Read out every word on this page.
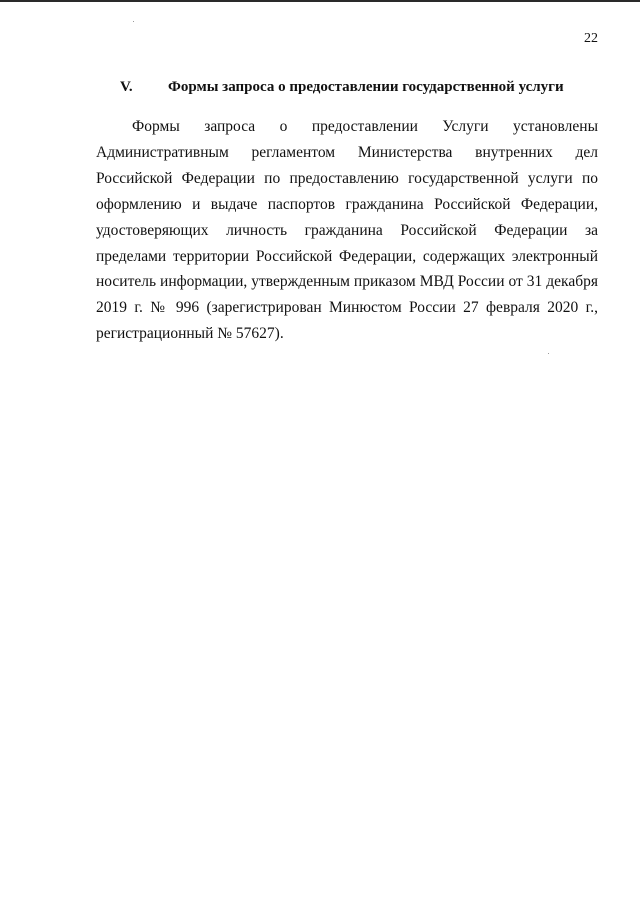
22
V. Формы запроса о предоставлении государственной услуги

Формы запроса о предоставлении Услуги установлены Административным регламентом Министерства внутренних дел Российской Федерации по предоставлению государственной услуги по оформлению и выдаче паспортов гражданина Российской Федерации, удостоверяющих личность гражданина Российской Федерации за пределами территории Российской Федерации, содержащих электронный носитель информации, утвержденным приказом МВД России от 31 декабря 2019 г. № 996 (зарегистрирован Минюстом России 27 февраля 2020 г., регистрационный № 57627).
